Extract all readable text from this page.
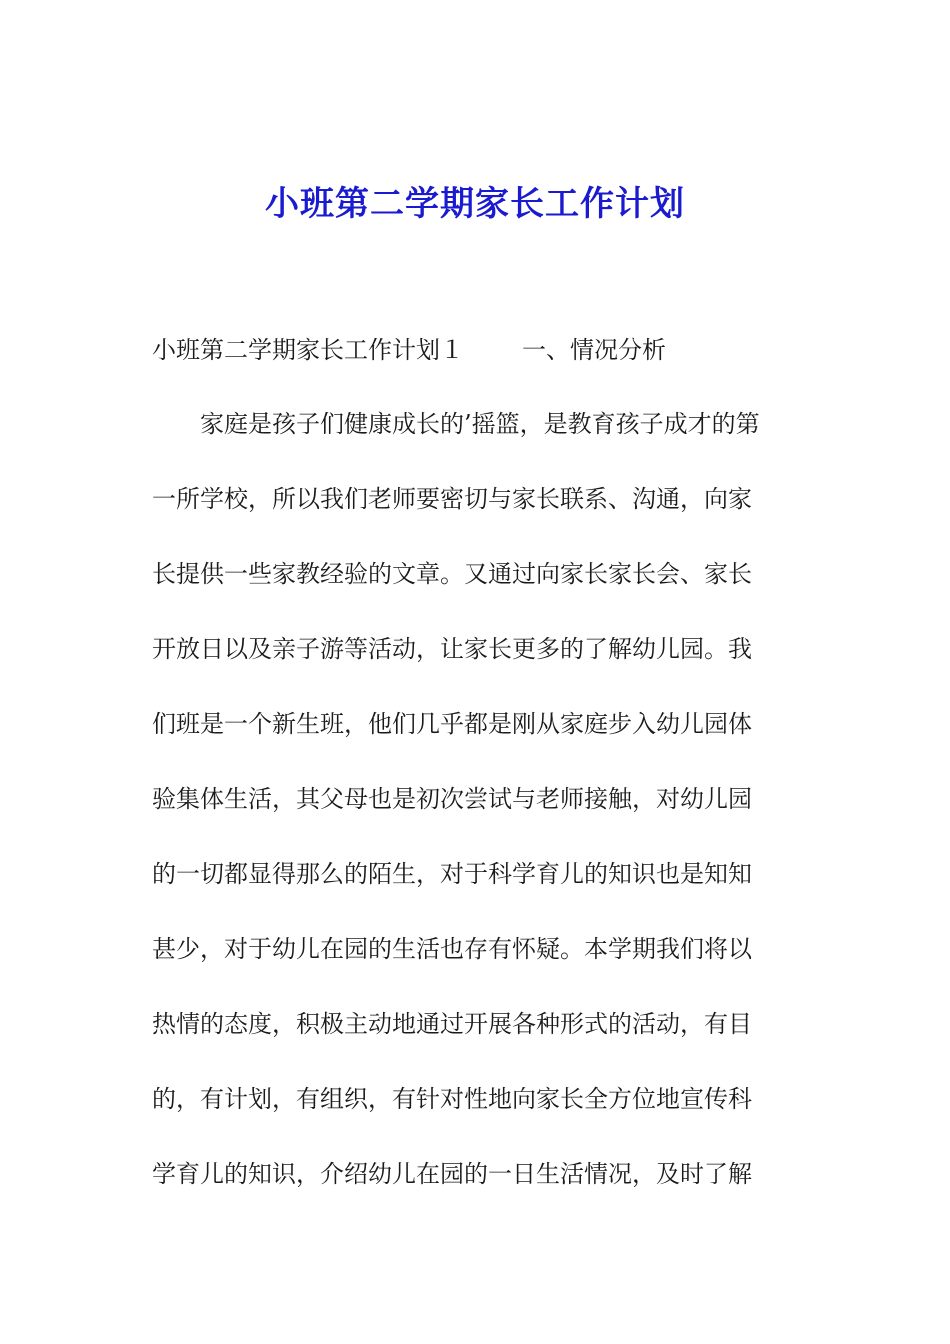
小班第二学期家长工作计划

小班第二学期家长工作计划１ 一、情况分析

　　家庭是孩子们健康成长的’摇篮，是教育孩子成才的第
一所学校，所以我们老师要密切与家长联系、沟通，向家
长提供一些家教经验的文章。又通过向家长家长会、家长
开放日以及亲子游等活动，让家长更多的了解幼儿园。我
们班是一个新生班，他们几乎都是刚从家庭步入幼儿园体
验集体生活，其父母也是初次尝试与老师接触，对幼儿园
的一切都显得那么的陌生，对于科学育儿的知识也是知知
甚少，对于幼儿在园的生活也存有怀疑。本学期我们将以
热情的态度，积极主动地通过开展各种形式的活动，有目
的，有计划，有组织，有针对性地向家长全方位地宣传科
学育儿的知识，介绍幼儿在园的一日生活情况，及时了解
